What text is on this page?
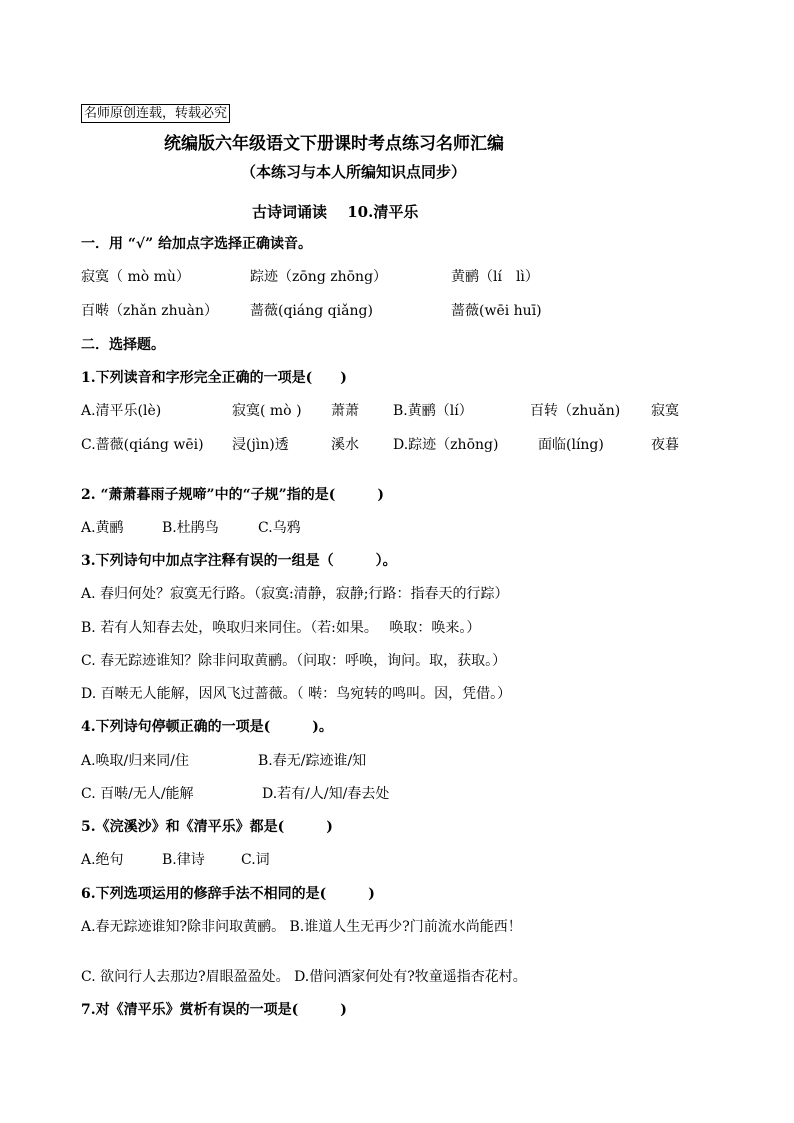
名师原创连载，转载必究
统编版六年级语文下册课时考点练习名师汇编
（本练习与本人所编知识点同步）
古诗词诵读　 10.清平乐
一．用 “√” 给加点字选择正确读音。
寂寞（ mò mù）	踪迹（zōng zhōng）	黄鹂（lí　lì）
百啭（zhǎn zhuàn） 蔷薇(qiáng qiǎng)	蔷薇(wēi huī)
二．选择题。
1.下列读音和字形完全正确的一项是(　　)
A.清平乐(lè)	寂寞( mò ) 萧萧 B.黄鹂（lí）	百转（zhuǎn) 寂寞
C.蔷薇(qiáng wēi) 浸(jìn)透	溪水 D.踪迹（zhōng)	面临(líng)	夜暮
2. “萧萧暮雨子规啼”中的“子规”指的是(　　　)
A.黄鹂	B.杜鹃鸟	C.乌鸦
3.下列诗句中加点字注释有误的一组是（　　　）。
A. 春归何处？寂寞无行路。（寂寞:清静，寂静;行路：指春天的行踪）
B. 若有人知春去处，唤取归来同住。（若:如果。　 唤取：唤来。）
C. 春无踪迹谁知？除非问取黄鹂。（问取：呼唤，询问。取，获取。）
D. 百啭无人能解，因风飞过蔷薇。（ 啭：鸟宛转的鸣叫。因，凭借。）
4.下列诗句停顿正确的一项是(　　　)。
A.唤取/归来同/住	B.春无/踪迹谁/知
C. 百啭/无人/能解	D.若有/人/知/春去处
5.《浣溪沙》和《清平乐》都是(　　　)
A.绝句	B.律诗	C.词
6.下列选项运用的修辞手法不相同的是(　　　)
A.春无踪迹谁知?除非问取黄鹂。 B.谁道人生无再少?门前流水尚能西！
C. 欲问行人去那边?眉眼盈盈处。 D.借问酒家何处有?牧童遥指杏花村。
7.对《清平乐》赏析有误的一项是(　　　)
